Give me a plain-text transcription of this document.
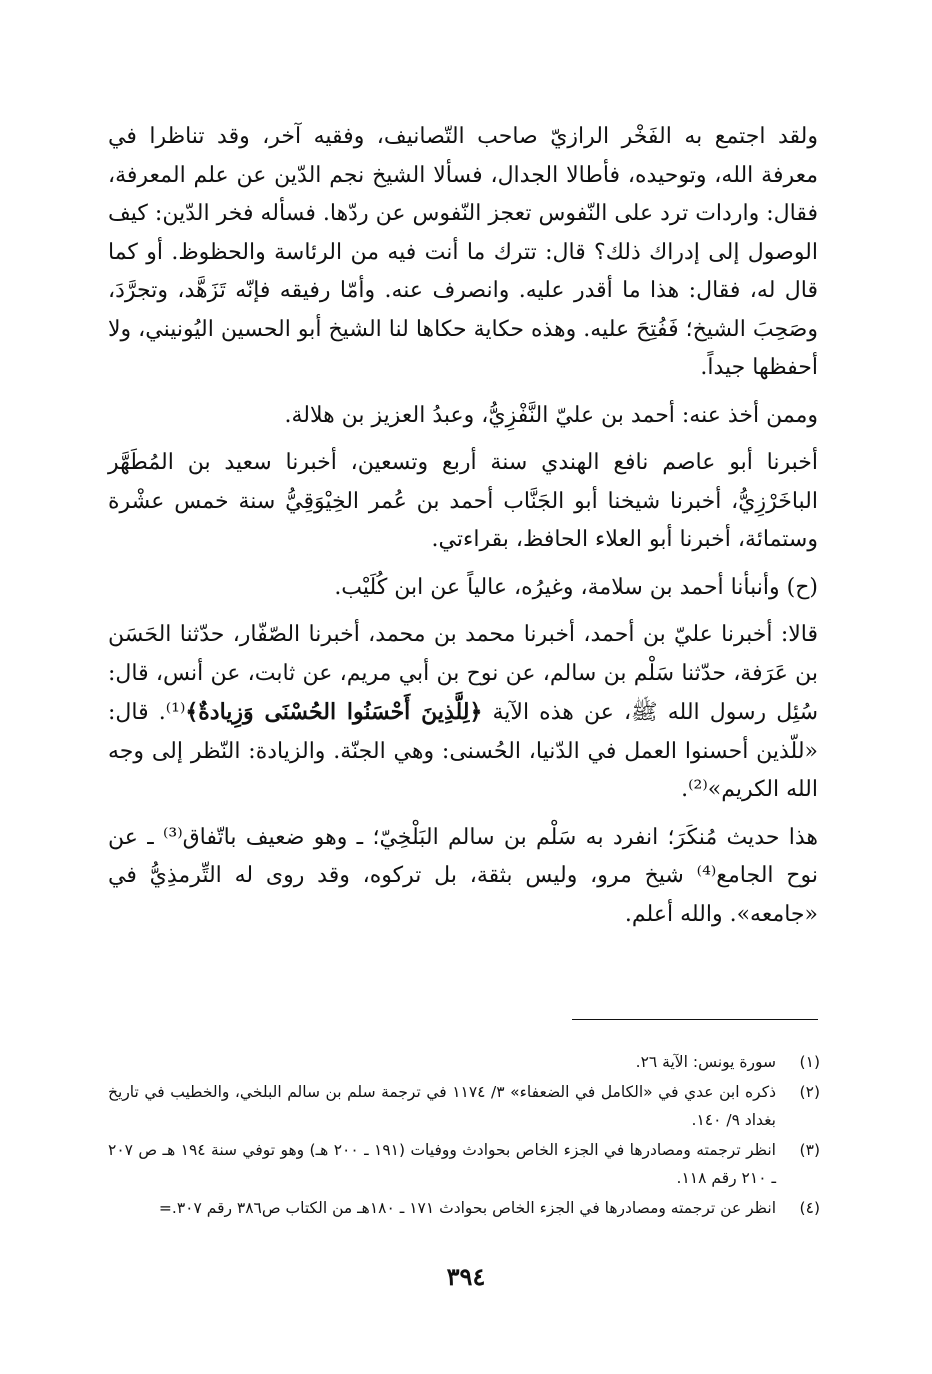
ولقد اجتمع به الفَخْر الرازيّ صاحب التّصانيف، وفقيه آخر، وقد تناظرا في معرفة الله، وتوحيده، فأطالا الجدال، فسألا الشيخ نجم الدّين عن علم المعرفة، فقال: واردات ترد على النّفوس تعجز النّفوس عن ردّها. فسأله فخر الدّين: كيف الوصول إلى إدراك ذلك؟ قال: تترك ما أنت فيه من الرئاسة والحظوظ. أو كما قال له، فقال: هذا ما أقدر عليه. وانصرف عنه. وأمّا رفيقه فإنّه تَزَهَّد، وتجرَّدَ، وصَحِبَ الشيخ؛ فَفُتِحَ عليه. وهذه حكاية حكاها لنا الشيخ أبو الحسين اليُونيني، ولا أحفظها جيداً.

وممن أخذ عنه: أحمد بن عليّ النَّفْزِيُّ، وعبدُ العزيز بن هلالة.

أخبرنا أبو عاصم نافع الهندي سنة أربع وتسعين، أخبرنا سعيد بن المُطَهَّر الباخَرْزِيُّ، أخبرنا شيخنا أبو الجَنَّاب أحمد بن عُمر الخِيْوَقِيُّ سنة خمس عشْرة وستمائة، أخبرنا أبو العلاء الحافظ، بقراءتي.

(ح) وأنبأنا أحمد بن سلامة، وغيرُه، عالياً عن ابن كُلَيْب.

قالا: أخبرنا عليّ بن أحمد، أخبرنا محمد بن محمد، أخبرنا الصّفّار، حدّثنا الحَسَن بن عَرَفة، حدّثنا سَلْم بن سالم، عن نوح بن أبي مريم، عن ثابت، عن أنس، قال: سُئِل رسول الله ﷺ، عن هذه الآية ﴿لِلَّذِينَ أَحْسَنُوا الحُسْنَى وَزِيادةٌ﴾⁽¹⁾. قال: «للّذين أحسنوا العمل في الدّنيا، الحُسنى: وهي الجنّة. والزيادة: النّظر إلى وجه الله الكريم»⁽²⁾.

هذا حديث مُنكَرَ؛ انفرد به سَلْم بن سالم البَلْخِيّ؛ ـ وهو ضعيف باتّفاق⁽³⁾ ـ عن نوح الجامع⁽⁴⁾ شيخ مرو، وليس بثقة، بل تركوه، وقد روى له التِّرمذِيُّ في «جامعه». والله أعلم.

(١)
سورة يونس: الآية ٢٦.
(٢)
ذكره ابن عدي في «الكامل في الضعفاء» ٣/ ١١٧٤ في ترجمة سلم بن سالم البلخي، والخطيب في تاريخ بغداد ٩/ ١٤٠.
(٣)
انظر ترجمته ومصادرها في الجزء الخاص بحوادث ووفيات (١٩١ ـ ٢٠٠ هـ) وهو توفي سنة ١٩٤ هـ ص ٢٠٧ ـ ٢١٠ رقم ١١٨.
(٤)
انظر عن ترجمته ومصادرها في الجزء الخاص بحوادث ١٧١ ـ ١٨٠هـ من الكتاب ص٣٨٦ رقم ٣٠٧.=
٣٩٤
